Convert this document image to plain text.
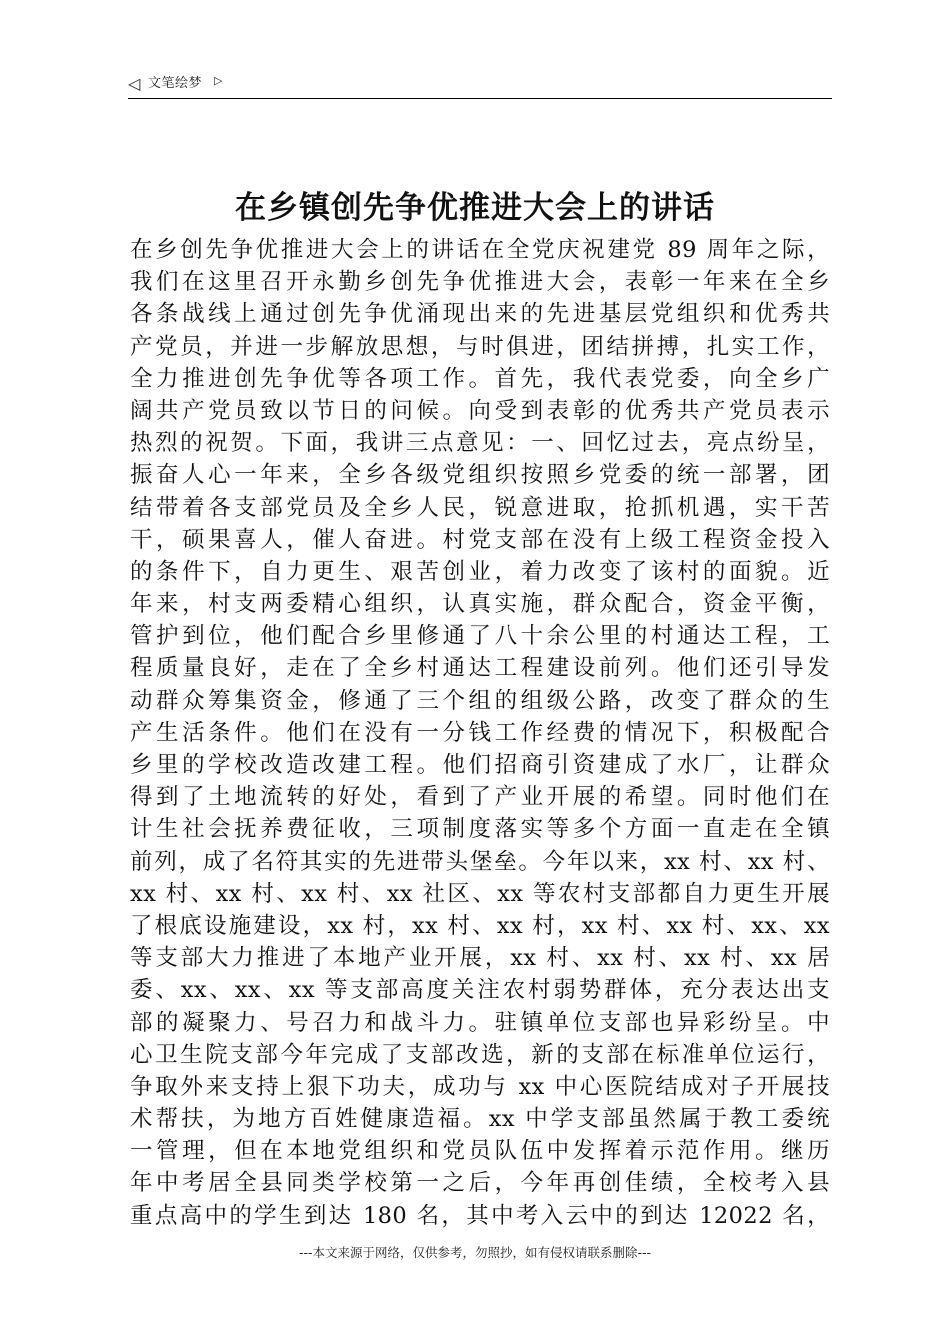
◁ 文笔绘梦 ▷
在乡镇创先争优推进大会上的讲话
在乡创先争优推进大会上的讲话在全党庆祝建党 89 周年之际，
我们在这里召开永勤乡创先争优推进大会，表彰一年来在全乡
各条战线上通过创先争优涌现出来的先进基层党组织和优秀共
产党员，并进一步解放思想，与时俱进，团结拼搏，扎实工作，
全力推进创先争优等各项工作。首先，我代表党委，向全乡广
阔共产党员致以节日的问候。向受到表彰的优秀共产党员表示
热烈的祝贺。下面，我讲三点意见：一、回忆过去，亮点纷呈，
振奋人心一年来，全乡各级党组织按照乡党委的统一部署，团
结带着各支部党员及全乡人民，锐意进取，抢抓机遇，实干苦
干，硕果喜人，催人奋进。村党支部在没有上级工程资金投入
的条件下，自力更生、艰苦创业，着力改变了该村的面貌。近
年来，村支两委精心组织，认真实施，群众配合，资金平衡，
管护到位，他们配合乡里修通了八十余公里的村通达工程，工
程质量良好，走在了全乡村通达工程建设前列。他们还引导发
动群众筹集资金，修通了三个组的组级公路，改变了群众的生
产生活条件。他们在没有一分钱工作经费的情况下，积极配合
乡里的学校改造改建工程。他们招商引资建成了水厂，让群众
得到了土地流转的好处，看到了产业开展的希望。同时他们在
计生社会抚养费征收，三项制度落实等多个方面一直走在全镇
前列，成了名符其实的先进带头堡垒。今年以来，xx 村、xx 村、
xx 村、xx 村、xx 村、xx 社区、xx 等农村支部都自力更生开展
了根底设施建设，xx 村，xx 村、xx 村，xx 村、xx 村、xx、xx
等支部大力推进了本地产业开展，xx 村、xx 村、xx 村、xx 居
委、xx、xx、xx 等支部高度关注农村弱势群体，充分表达出支
部的凝聚力、号召力和战斗力。驻镇单位支部也异彩纷呈。中
心卫生院支部今年完成了支部改选，新的支部在标准单位运行，
争取外来支持上狠下功夫，成功与 xx 中心医院结成对子开展技
术帮扶，为地方百姓健康造福。xx 中学支部虽然属于教工委统
一管理，但在本地党组织和党员队伍中发挥着示范作用。继历
年中考居全县同类学校第一之后，今年再创佳绩，全校考入县
重点高中的学生到达 180 名，其中考入云中的到达 12022 名，
---本文来源于网络，仅供参考，勿照抄，如有侵权请联系删除---
